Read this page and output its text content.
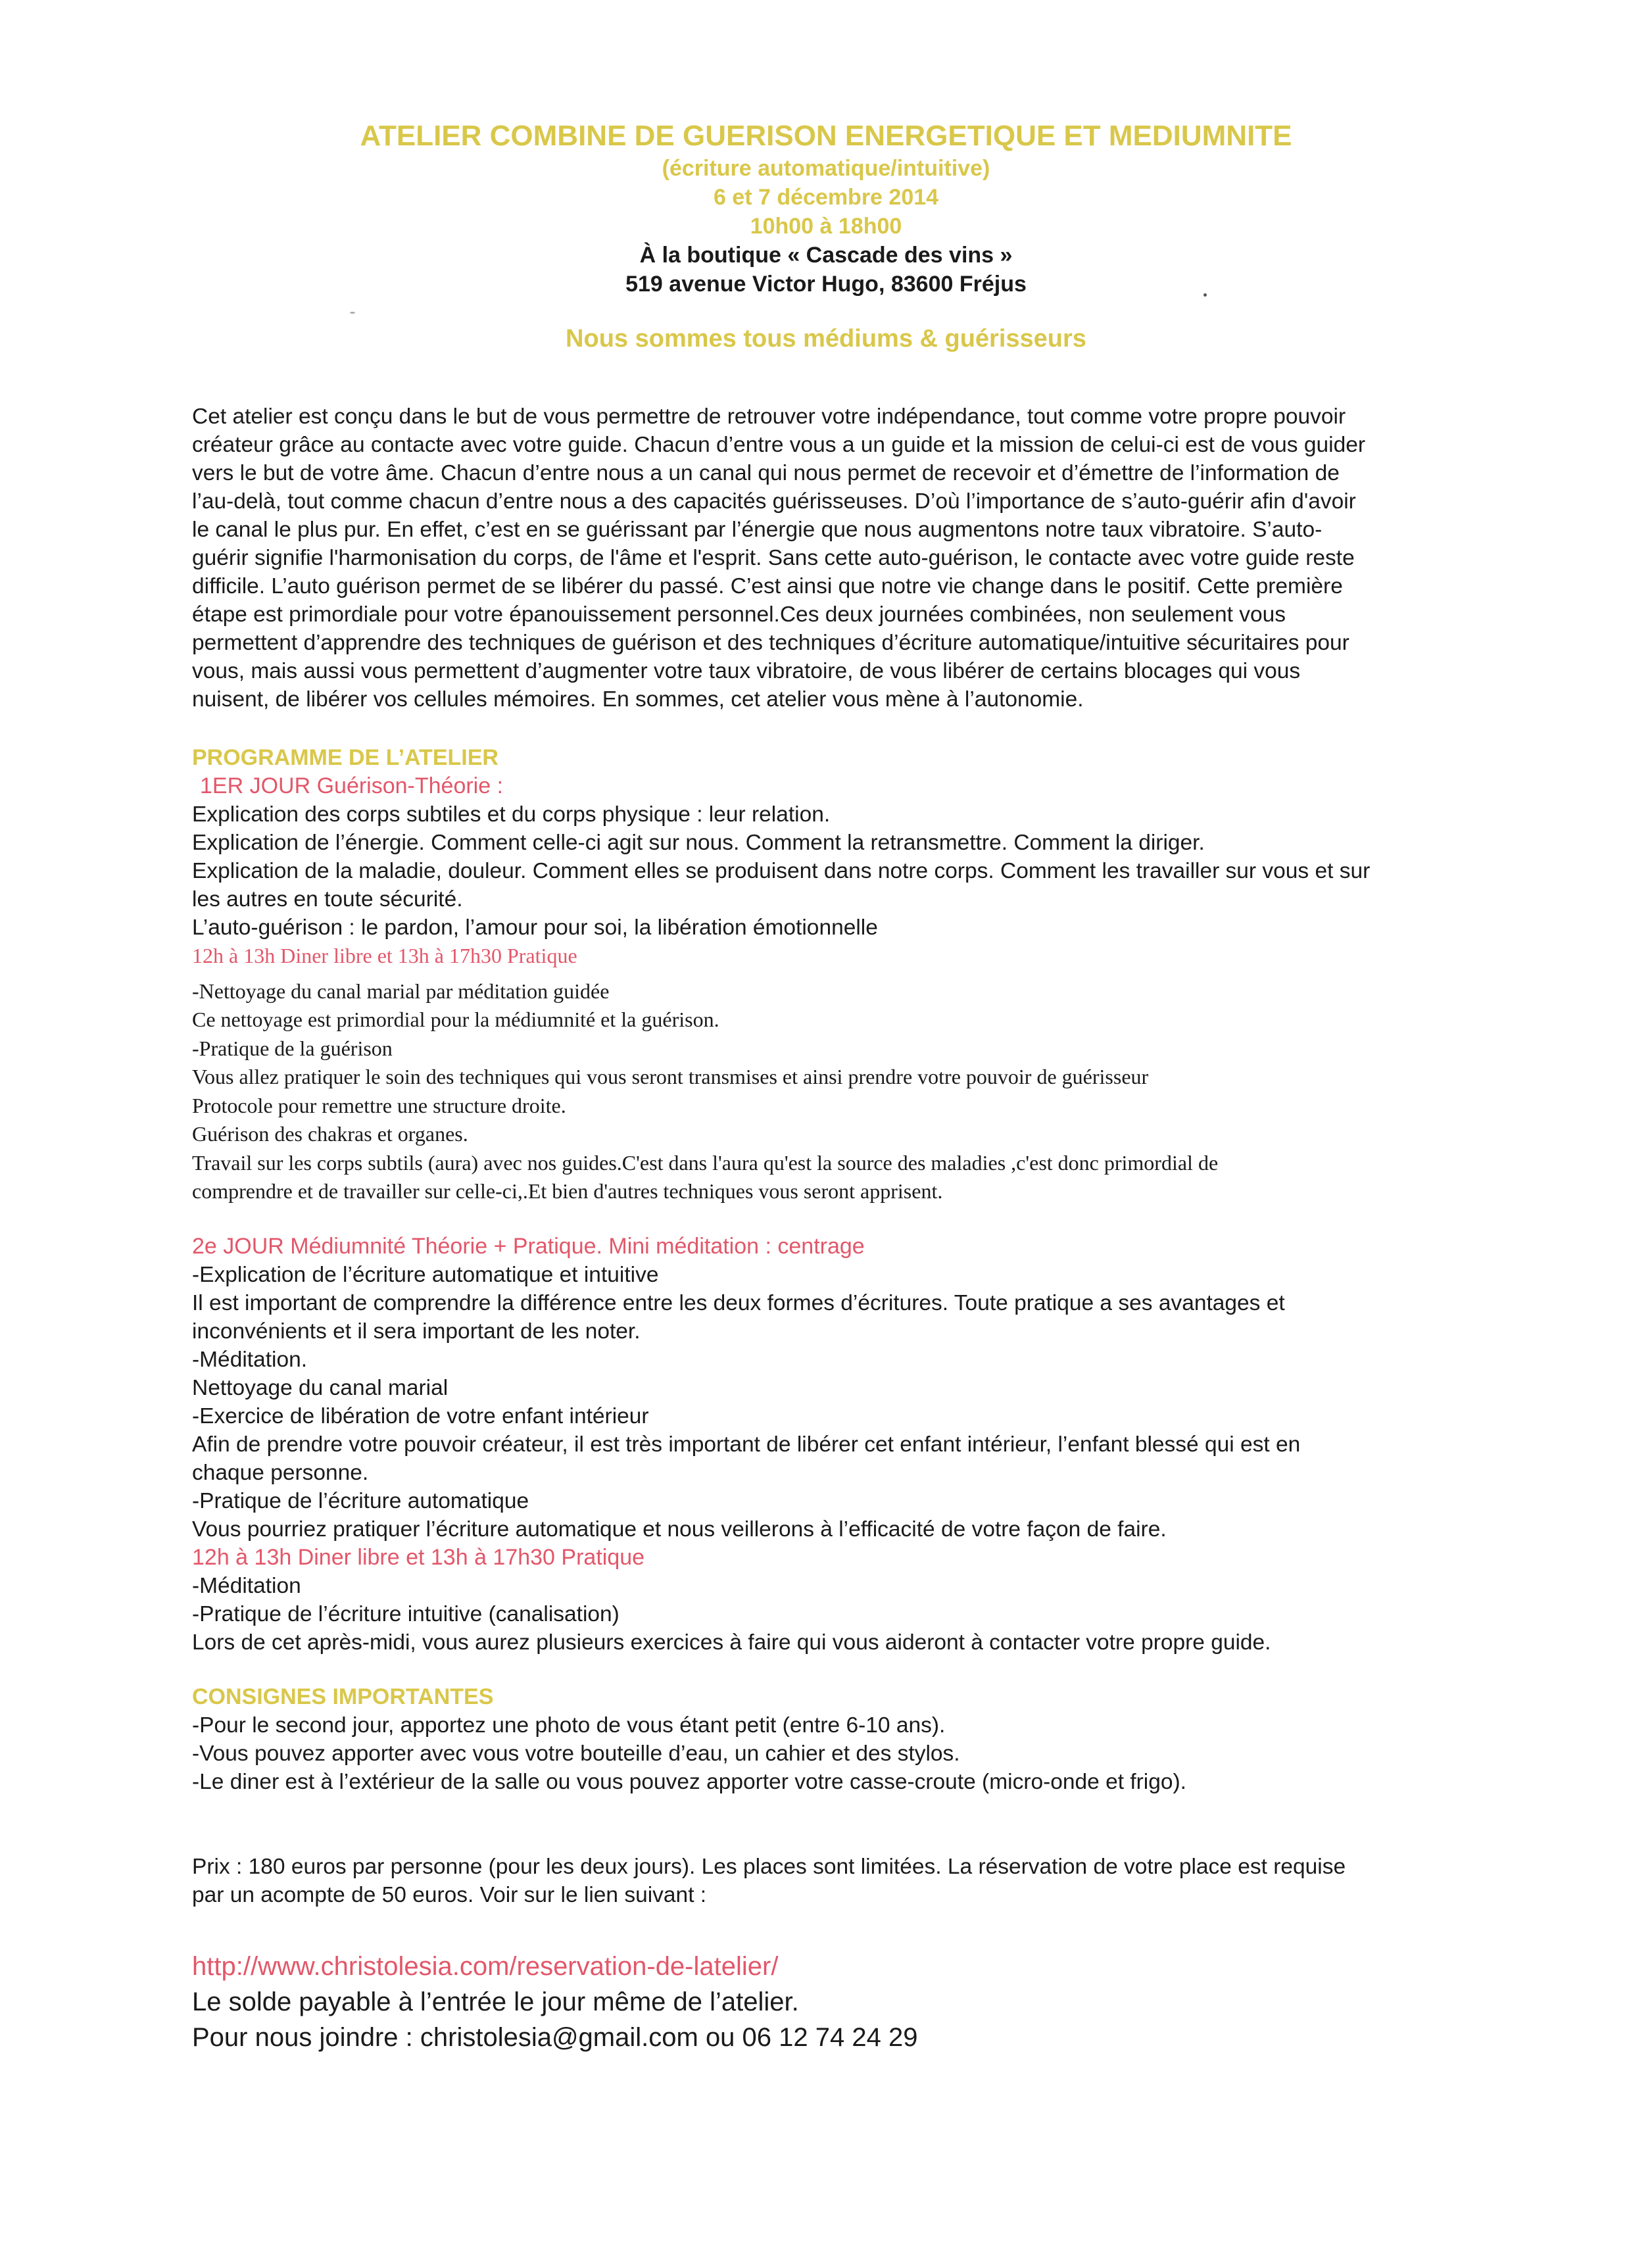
ATELIER COMBINE DE GUERISON ENERGETIQUE ET MEDIUMNITE
(écriture automatique/intuitive)
6 et 7 décembre 2014
10h00 à 18h00
À la boutique « Cascade des vins »
519 avenue Victor Hugo, 83600 Fréjus
Nous sommes tous médiums & guérisseurs
Cet atelier est conçu dans le but de vous permettre de retrouver votre indépendance, tout comme votre propre pouvoir
créateur grâce au contacte avec votre guide. Chacun d’entre vous a un guide et la mission de celui-ci est de vous guider
vers le but de votre âme. Chacun d’entre nous a un canal qui nous permet de recevoir et d’émettre de l’information de
l’au-delà, tout comme chacun d’entre nous a des capacités guérisseuses. D’où l’importance de s’auto-guérir afin d'avoir
le canal le plus pur. En effet, c’est en se guérissant par l’énergie que nous augmentons notre taux vibratoire. S’auto-
guérir signifie l'harmonisation du corps, de l'âme et l'esprit. Sans cette auto-guérison, le contacte avec votre guide reste
difficile. L’auto guérison permet de se libérer du passé. C’est ainsi que notre vie change dans le positif. Cette première
étape est primordiale pour votre épanouissement personnel.Ces deux journées combinées, non seulement vous
permettent d’apprendre des techniques de guérison et des techniques d’écriture automatique/intuitive sécuritaires pour
vous, mais aussi vous permettent d’augmenter votre taux vibratoire, de vous libérer de certains blocages qui vous
nuisent, de libérer vos cellules mémoires. En sommes, cet atelier vous mène à l’autonomie.
PROGRAMME DE L’ATELIER
1ER JOUR Guérison-Théorie :
Explication des corps subtiles et du corps physique : leur relation.
Explication de l’énergie. Comment celle-ci agit sur nous. Comment la retransmettre. Comment la diriger.
Explication de la maladie, douleur. Comment elles se produisent dans notre corps. Comment les travailler sur vous et sur
les autres en toute sécurité.
L’auto-guérison : le pardon, l’amour pour soi, la libération émotionnelle
12h à 13h Diner libre et 13h à 17h30 Pratique
-Nettoyage du canal marial par méditation guidée
Ce nettoyage est primordial pour la médiumnité et la guérison.
-Pratique de la guérison
Vous allez pratiquer le soin des techniques qui vous seront transmises et ainsi prendre votre pouvoir de guérisseur
Protocole pour remettre une structure droite.
Guérison des chakras et organes.
Travail sur les corps subtils (aura) avec nos guides.C'est dans l'aura qu'est la source des maladies ,c'est donc primordial de
comprendre et de travailler sur celle-ci,.Et bien d'autres techniques vous seront apprisent.
2e JOUR Médiumnité Théorie + Pratique. Mini méditation : centrage
-Explication de l’écriture automatique et intuitive
Il est important de comprendre la différence entre les deux formes d’écritures. Toute pratique a ses avantages et
inconvénients et il sera important de les noter.
-Méditation.
Nettoyage du canal marial
-Exercice de libération de votre enfant intérieur
Afin de prendre votre pouvoir créateur, il est très important de libérer cet enfant intérieur, l’enfant blessé qui est en
chaque personne.
-Pratique de l’écriture automatique
Vous pourriez pratiquer l’écriture automatique et nous veillerons à l’efficacité de votre façon de faire.
12h à 13h Diner libre et 13h à 17h30 Pratique
-Méditation
-Pratique de l’écriture intuitive (canalisation)
Lors de cet après-midi, vous aurez plusieurs exercices à faire qui vous aideront à contacter votre propre guide.
CONSIGNES IMPORTANTES
-Pour le second jour, apportez une photo de vous étant petit (entre 6-10 ans).
-Vous pouvez apporter avec vous votre bouteille d’eau, un cahier et des stylos.
-Le diner est à l’extérieur de la salle ou vous pouvez apporter votre casse-croute (micro-onde et frigo).
Prix : 180 euros par personne (pour les deux jours). Les places sont limitées. La réservation de votre place est requise
par un acompte de 50 euros. Voir sur le lien suivant :
http://www.christolesia.com/reservation-de-latelier/
Le solde payable à l’entrée le jour même de l’atelier.
Pour nous joindre : christolesia@gmail.com ou 06 12 74 24 29
